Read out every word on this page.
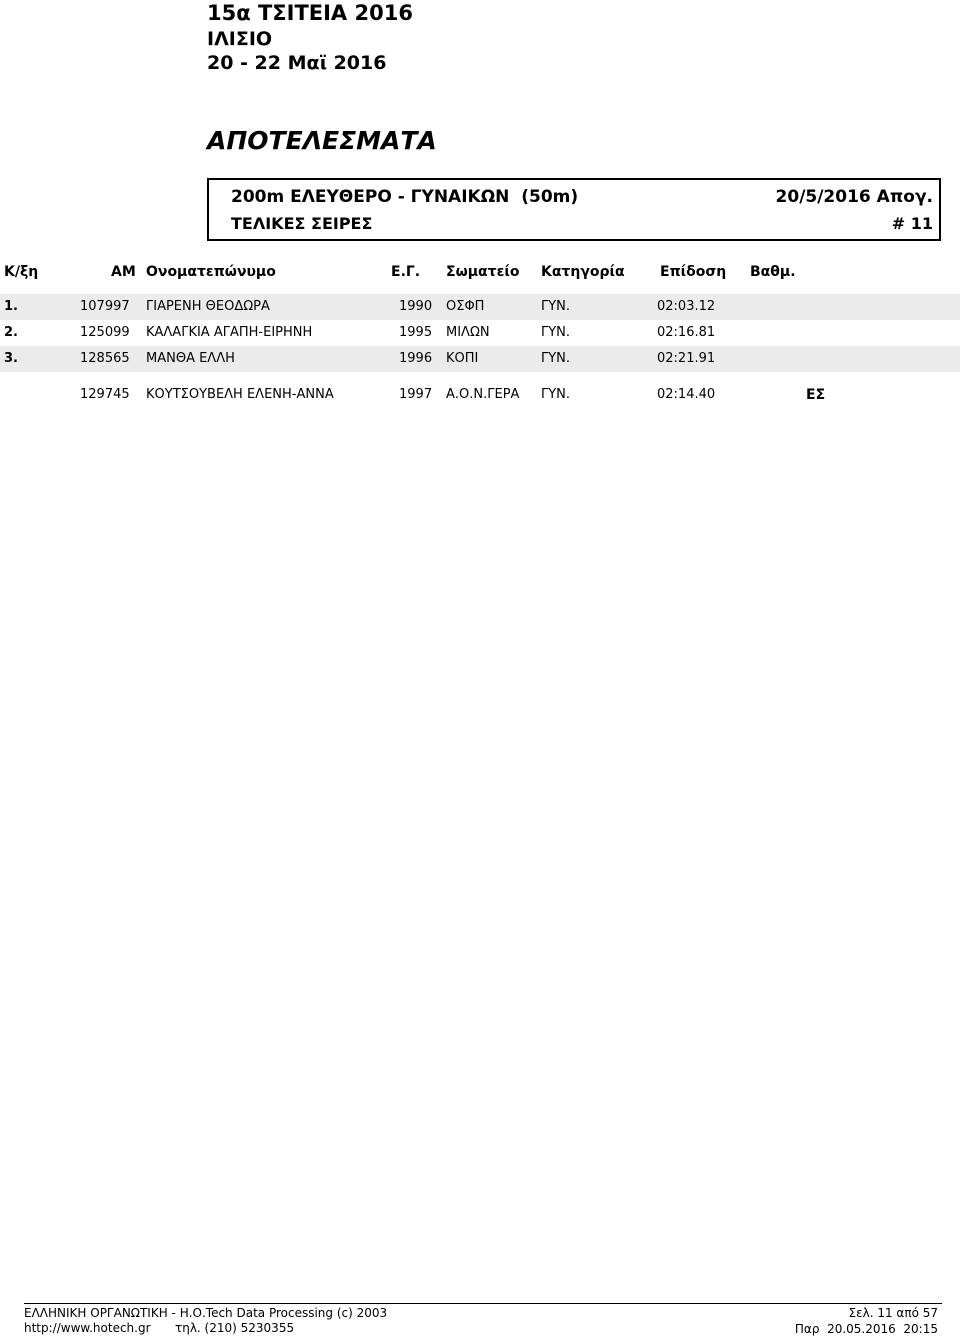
15α ΤΣΙΤΕΙΑ 2016
ΙΛΙΣΙΟ
20 - 22 Μαϊ 2016
ΑΠΟΤΕΛΕΣΜΑΤΑ
200m ΕΛΕΥΘΕΡΟ - ΓΥΝΑΙΚΩΝ  (50m)	20/5/2016 Απογ.
ΤΕΛΙΚΕΣ ΣΕΙΡΕΣ	# 11
Κ/ξη	ΑΜ Ονοματεπώνυμο	Ε.Γ. Σωματείο Κατηγορία	Επίδοση Βαθμ.
1.	107997 ΓΙΑΡΕΝΗ ΘΕΟΔΩΡΑ	1990 ΟΣΦΠ	ΓΥΝ.	02:03.12
2.	125099 ΚΑΛΑΓΚΙΑ ΑΓΑΠΗ-ΕΙΡΗΝΗ	1995 ΜΙΛΩΝ	ΓΥΝ.	02:16.81
3.	128565 ΜΑΝΘΑ ΕΛΛΗ	1996 ΚΟΠΙ	ΓΥΝ.	02:21.91
129745 ΚΟΥΤΣΟΥΒΕΛΗ ΕΛΕΝΗ-ΑΝΝΑ	1997 Α.Ο.Ν.ΓΕΡΑ ΓΥΝ.	02:14.40	ΕΣ
ΕΛΛΗΝΙΚΗ ΟΡΓΑΝΩΤΙΚΗ - Η.Ο.Tech Data Processing (c) 2003
http://www.hotech.gr τηλ. (210) 5230355
Σελ. 11 από 57
Παρ  20.05.2016  20:15
